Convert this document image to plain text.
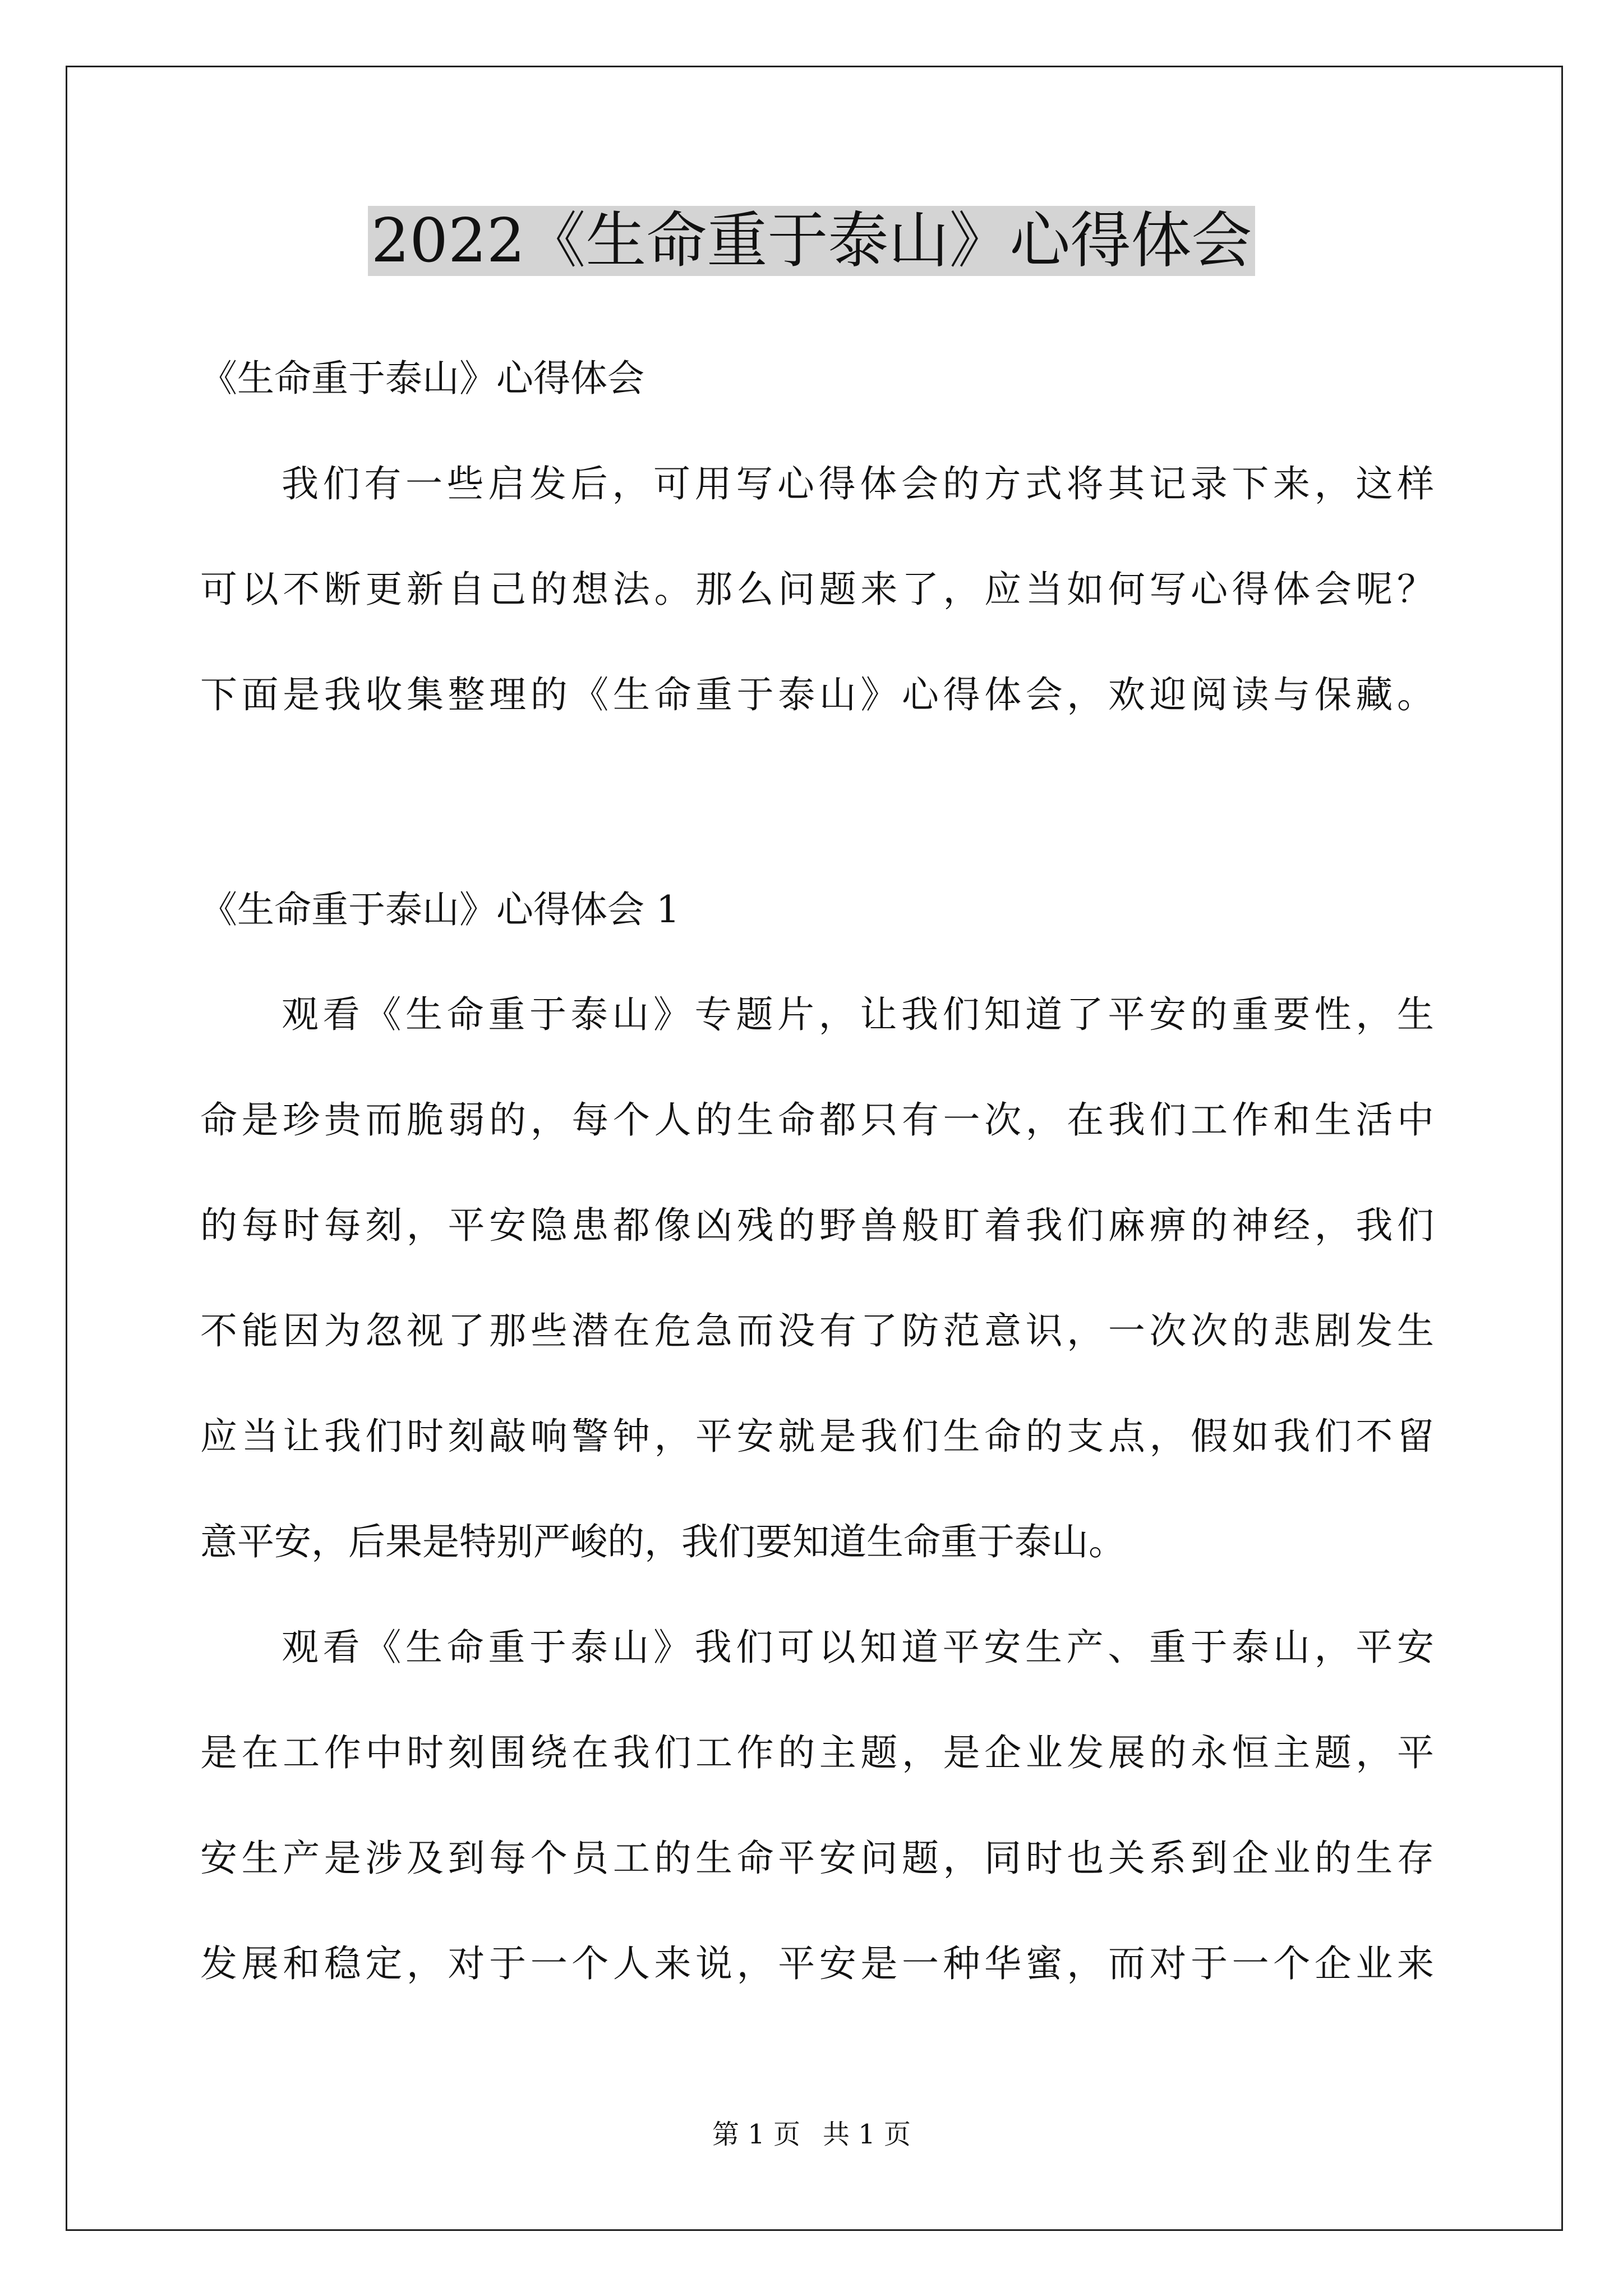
2022《生命重于泰山》心得体会

《生命重于泰山》心得体会

我们有一些启发后，可用写心得体会的方式将其记录下来，这样

可以不断更新自己的想法。那么问题来了，应当如何写心得体会呢？

下面是我收集整理的《生命重于泰山》心得体会，欢迎阅读与保藏。

《生命重于泰山》心得体会 1

观看《生命重于泰山》专题片，让我们知道了平安的重要性，生

命是珍贵而脆弱的，每个人的生命都只有一次，在我们工作和生活中

的每时每刻，平安隐患都像凶残的野兽般盯着我们麻痹的神经，我们

不能因为忽视了那些潜在危急而没有了防范意识，一次次的悲剧发生

应当让我们时刻敲响警钟，平安就是我们生命的支点，假如我们不留

意平安，后果是特别严峻的，我们要知道生命重于泰山。

观看《生命重于泰山》我们可以知道平安生产、重于泰山，平安

是在工作中时刻围绕在我们工作的主题，是企业发展的永恒主题，平

安生产是涉及到每个员工的生命平安问题，同时也关系到企业的生存

发展和稳定，对于一个人来说，平安是一种华蜜，而对于一个企业来

第 1 页 共 1 页
